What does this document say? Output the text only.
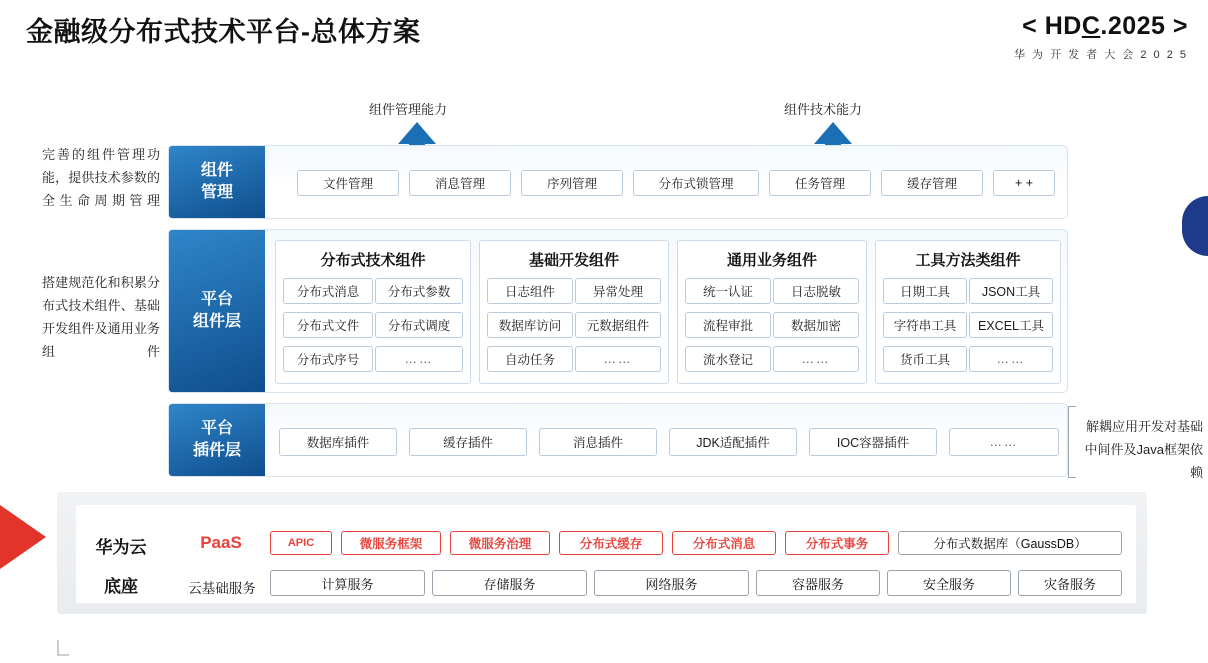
金融级分布式技术平台-总体方案	< HDC.2025 >
华 为 开 发 者 大 会 2 0 2 5
组件管理能力	组件技术能力
完善的组件管理功能，提供技术参数的全生命周期管理
搭建规范化和积累分布式技术组件、基础开发组件及通用业务组件
组件
管理	文件管理	消息管理	序列管理	分布式锁管理	任务管理	缓存管理	+ +
平台
组件层
分布式技术组件
分布式消息	分布式参数
分布式文件	分布式调度
分布式序号	……
基础开发组件
日志组件	异常处理
数据库访问	元数据组件
自动任务	……
通用业务组件
统一认证	日志脱敏
流程审批	数据加密
流水登记	……
工具方法类组件
日期工具	JSON工具
字符串工具	EXCEL工具
货币工具	……
平台
插件层	数据库插件	缓存插件	消息插件	JDK适配插件	IOC容器插件	……
解耦应用开发对基础中间件及Java框架依赖
华为云
底座
PaaS
云基础服务
APIC	微服务框架	微服务治理	分布式缓存	分布式消息	分布式事务	分布式数据库（GaussDB）
计算服务	存储服务	网络服务	容器服务	安全服务	灾备服务
